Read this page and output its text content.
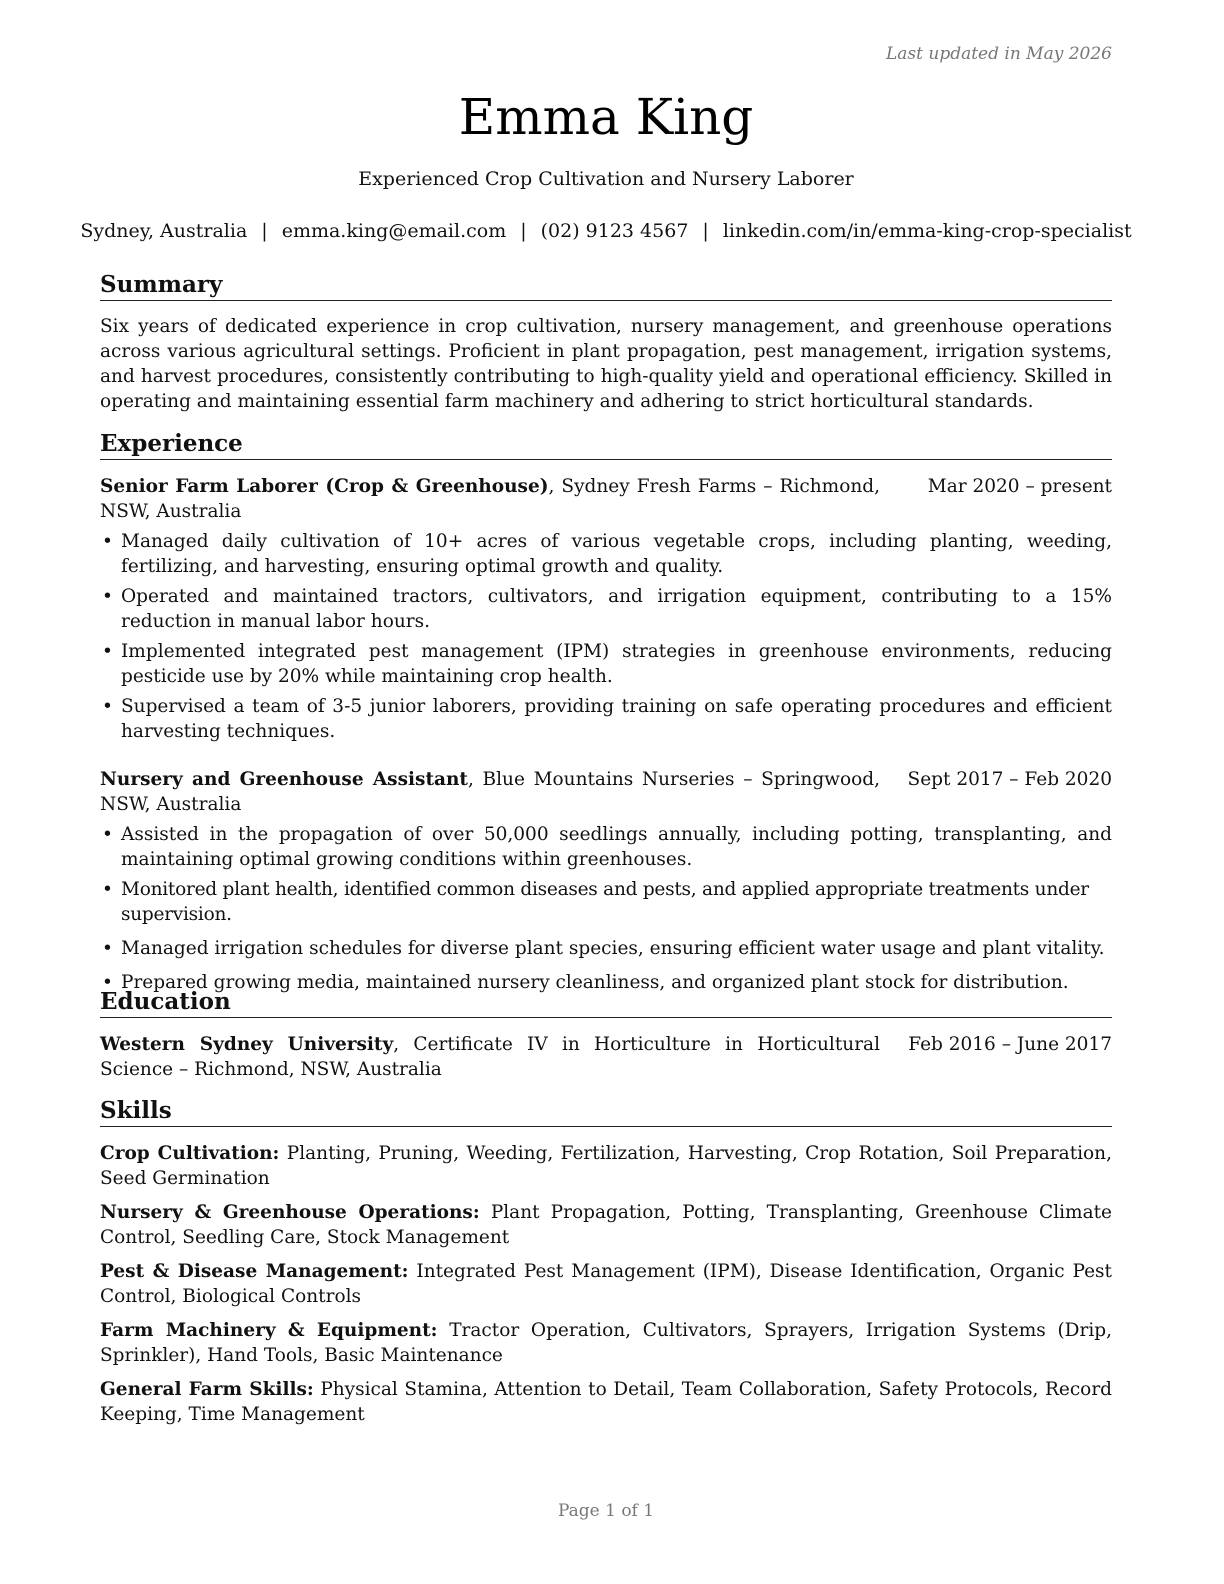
Last updated in May 2026
Emma King
Experienced Crop Cultivation and Nursery Laborer
Sydney, Australia | emma.king@email.com | (02) 9123 4567 | linkedin.com/in/emma-king-crop-specialist
Summary
Six years of dedicated experience in crop cultivation, nursery management, and greenhouse operations across various agricultural settings. Proficient in plant propagation, pest management, irrigation systems, and harvest procedures, consistently contributing to high-quality yield and operational efficiency. Skilled in operating and maintaining essential farm machinery and adhering to strict horticultural standards.
Experience
Senior Farm Laborer (Crop & Greenhouse), Sydney Fresh Farms – Richmond, NSW, Australia
Mar 2020 – present
• Managed daily cultivation of 10+ acres of various vegetable crops, including planting, weeding, fertilizing, and harvesting, ensuring optimal growth and quality.
• Operated and maintained tractors, cultivators, and irrigation equipment, contributing to a 15% reduction in manual labor hours.
• Implemented integrated pest management (IPM) strategies in greenhouse environments, reducing pesticide use by 20% while maintaining crop health.
• Supervised a team of 3-5 junior laborers, providing training on safe operating procedures and efficient harvesting techniques.
Nursery and Greenhouse Assistant, Blue Mountains Nurseries – Springwood, NSW, Australia
Sept 2017 – Feb 2020
• Assisted in the propagation of over 50,000 seedlings annually, including potting, transplanting, and maintaining optimal growing conditions within greenhouses.
• Monitored plant health, identified common diseases and pests, and applied appropriate treatments under supervision.
• Managed irrigation schedules for diverse plant species, ensuring efficient water usage and plant vitality.
• Prepared growing media, maintained nursery cleanliness, and organized plant stock for distribution.
Education
Western Sydney University, Certificate IV in Horticulture in Horticultural Science – Richmond, NSW, Australia
Feb 2016 – June 2017
Skills
Crop Cultivation: Planting, Pruning, Weeding, Fertilization, Harvesting, Crop Rotation, Soil Preparation, Seed Germination
Nursery & Greenhouse Operations: Plant Propagation, Potting, Transplanting, Greenhouse Climate Control, Seedling Care, Stock Management
Pest & Disease Management: Integrated Pest Management (IPM), Disease Identification, Organic Pest Control, Biological Controls
Farm Machinery & Equipment: Tractor Operation, Cultivators, Sprayers, Irrigation Systems (Drip, Sprinkler), Hand Tools, Basic Maintenance
General Farm Skills: Physical Stamina, Attention to Detail, Team Collaboration, Safety Protocols, Record Keeping, Time Management
Page 1 of 1
